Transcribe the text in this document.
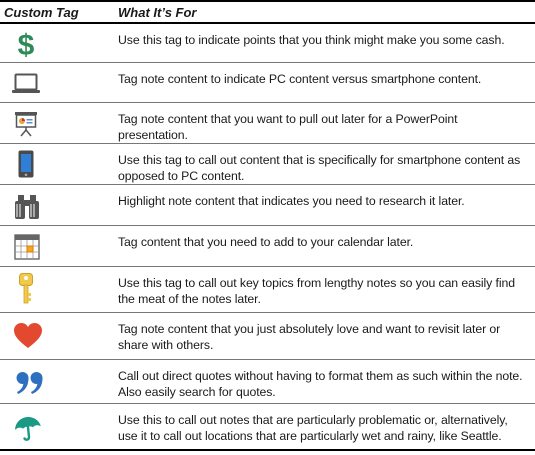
Custom Tag	What It’s For
$	Use this tag to indicate points that you think might make you some cash.
Tag note content to indicate PC content versus smartphone content.
Tag note content that you want to pull out later for a PowerPoint presentation.
Use this tag to call out content that is specifically for smartphone content as opposed to PC content.
Highlight note content that indicates you need to research it later.
Tag content that you need to add to your calendar later.
Use this tag to call out key topics from lengthy notes so you can easily find the meat of the notes later.
Tag note content that you just absolutely love and want to revisit later or share with others.
Call out direct quotes without having to format them as such within the note. Also easily search for quotes.
Use this to call out notes that are particularly problematic or, alternatively, use it to call out locations that are particularly wet and rainy, like Seattle.
